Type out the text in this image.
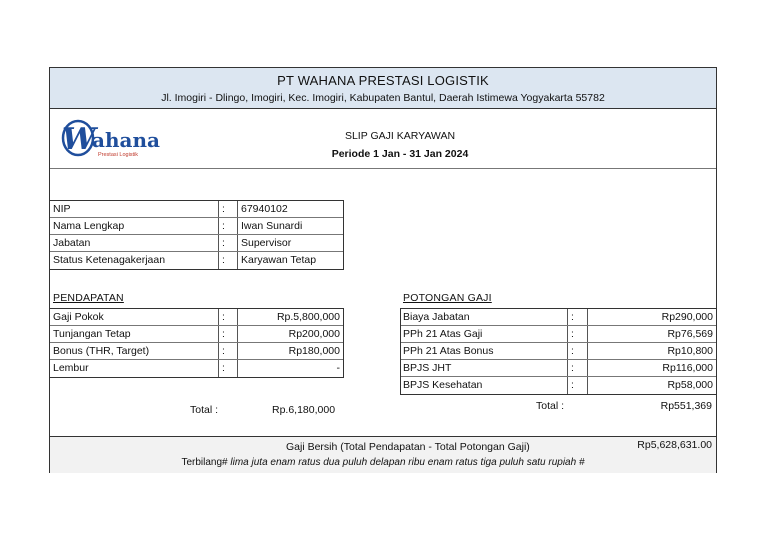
PT WAHANA PRESTASI LOGISTIK
Jl. Imogiri - Dlingo, Imogiri, Kec. Imogiri, Kabupaten Bantul, Daerah Istimewa Yogyakarta 55782
W
ahana
Prestasi Logistik
SLIP GAJI KARYAWAN
Periode 1 Jan - 31 Jan 2024
NIP	: 67940102
Nama Lengkap	: Iwan Sunardi
Jabatan	: Supervisor
Status Ketenagakerjaan	: Karyawan Tetap
PENDAPATAN
Gaji Pokok	:	Rp.5,800,000
Tunjangan Tetap	:	Rp200,000
Bonus (THR, Target)	:	Rp180,000
Lembur	:	-
Total :	Rp.6,180,000
POTONGAN GAJI
Biaya Jabatan	:	Rp290,000
PPh 21 Atas Gaji	:	Rp76,569
PPh 21 Atas Bonus	:	Rp10,800
BPJS JHT	:	Rp116,000
BPJS Kesehatan	:	Rp58,000
Total :	Rp551,369
Gaji Bersih (Total Pendapatan - Total Potongan Gaji)	Rp5,628,631.00
Terbilang# lima juta enam ratus dua puluh delapan ribu enam ratus tiga puluh satu rupiah #
